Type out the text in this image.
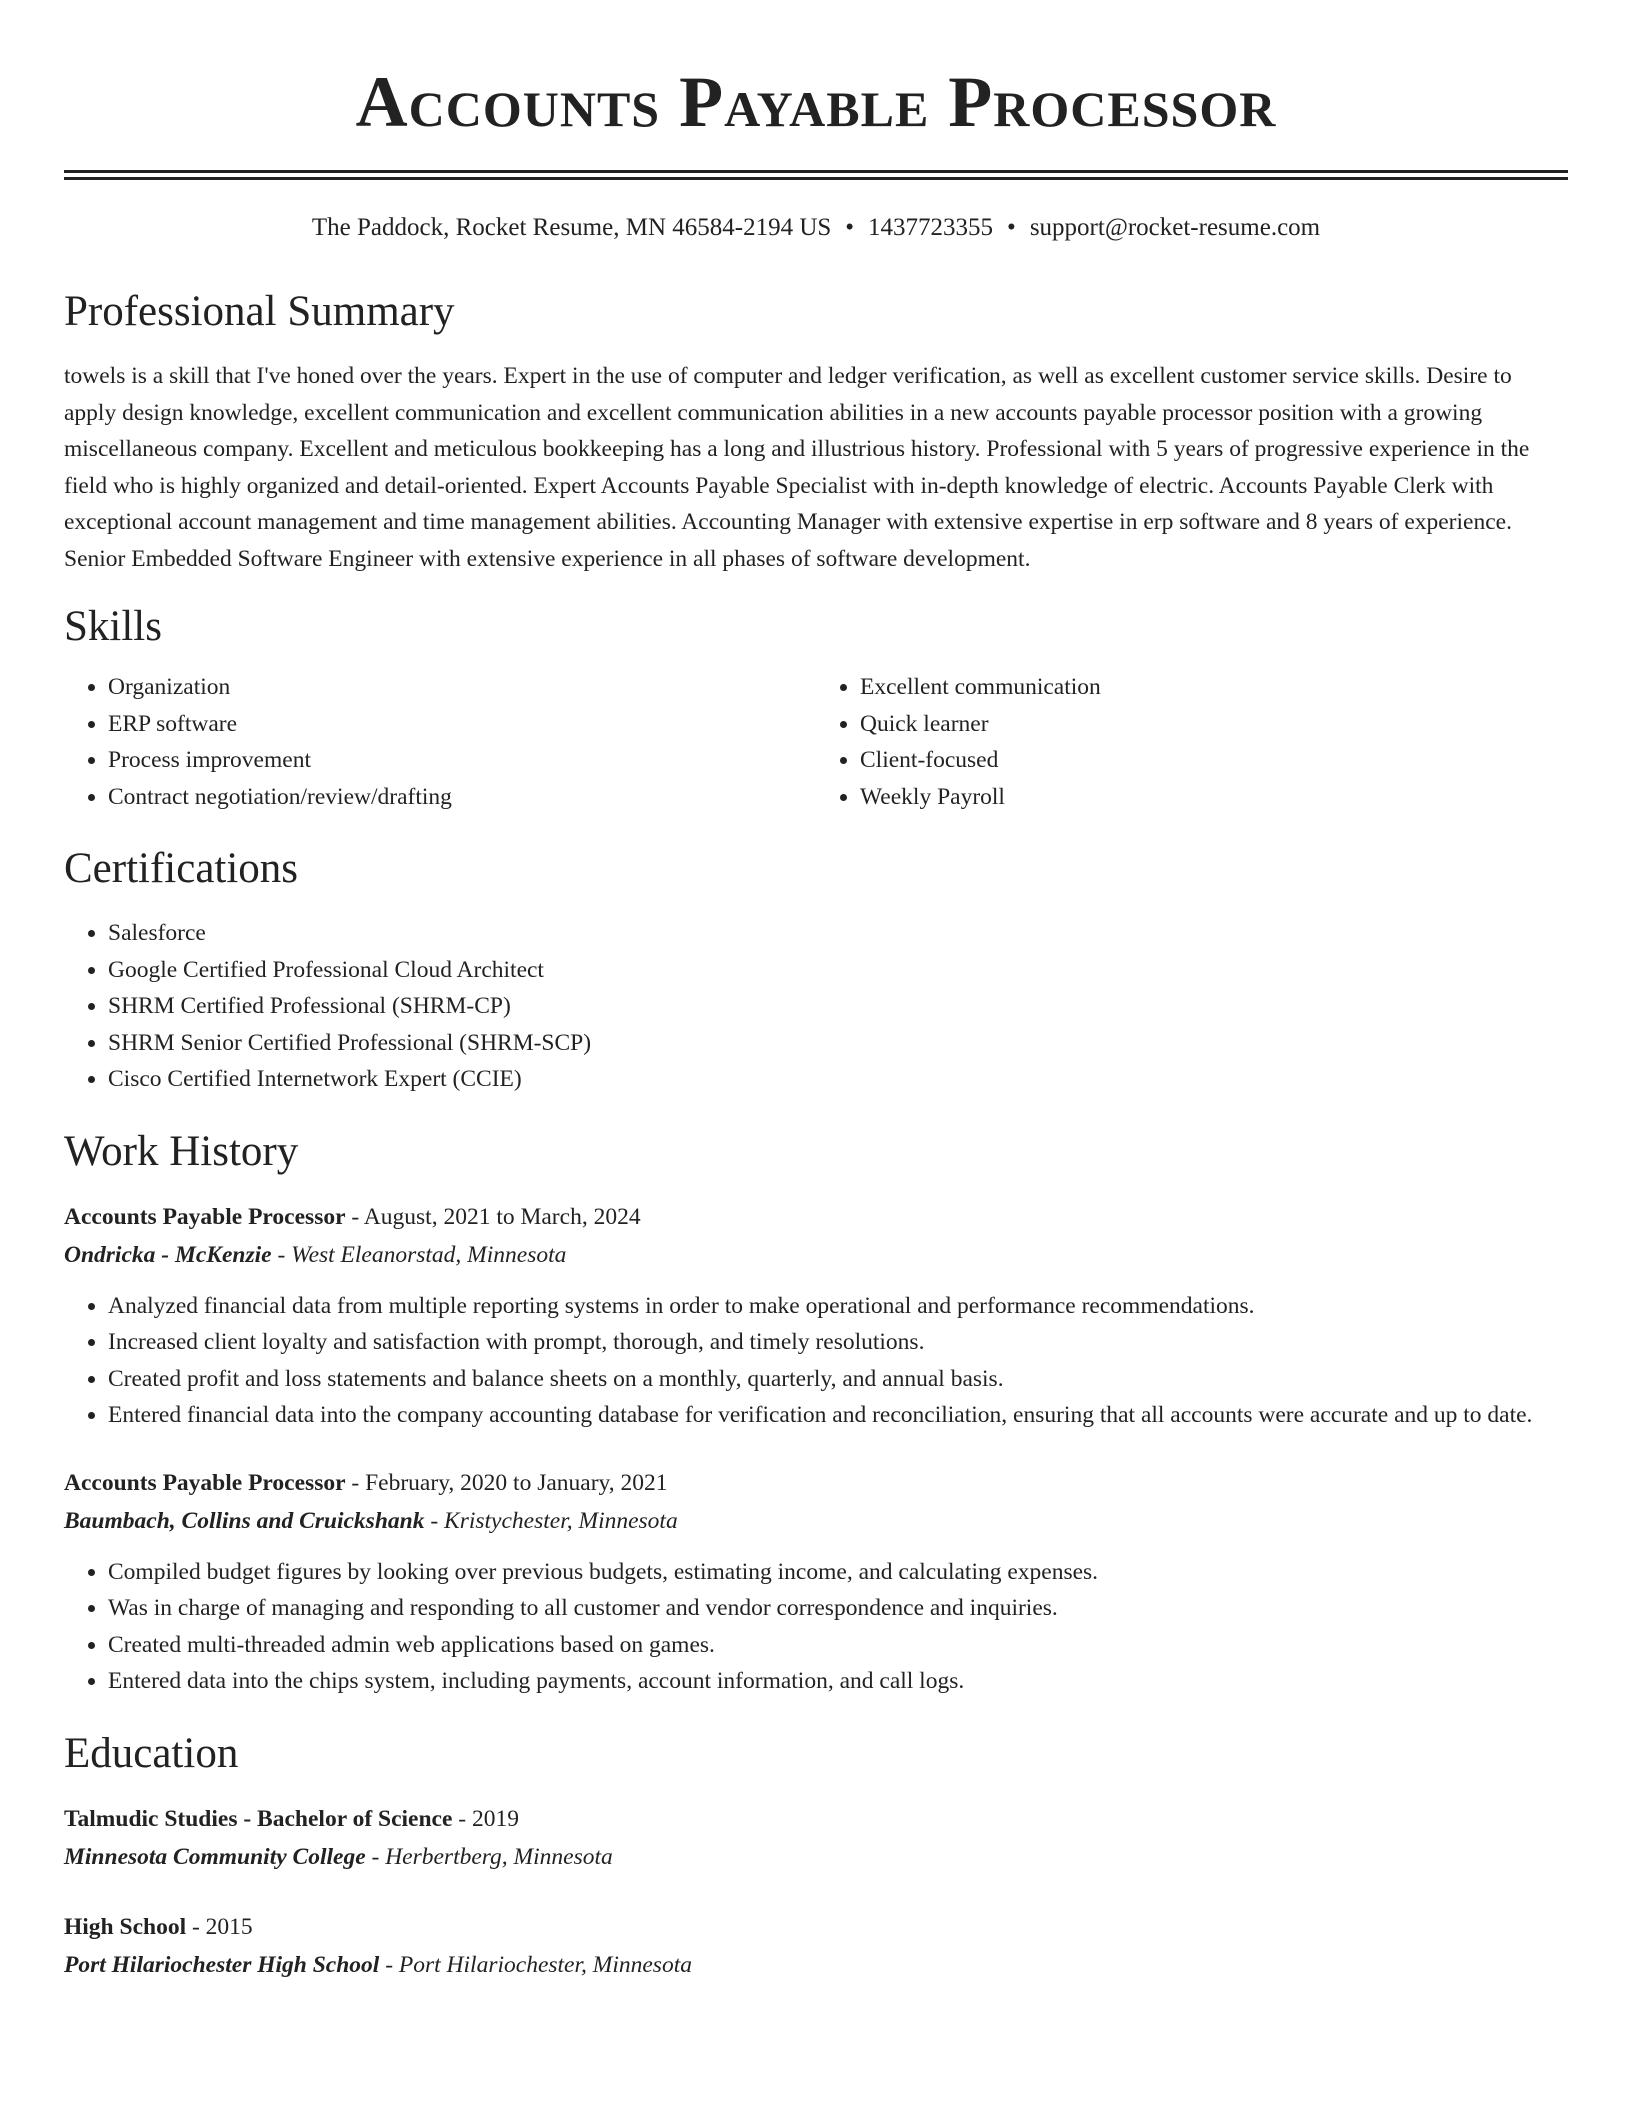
Accounts Payable Processor
The Paddock, Rocket Resume, MN 46584-2194 US • 1437723355 • support@rocket-resume.com
Professional Summary

towels is a skill that I've honed over the years. Expert in the use of computer and ledger verification, as well as excellent customer service skills. Desire to apply design knowledge, excellent communication and excellent communication abilities in a new accounts payable processor position with a growing miscellaneous company. Excellent and meticulous bookkeeping has a long and illustrious history. Professional with 5 years of progressive experience in the field who is highly organized and detail-oriented. Expert Accounts Payable Specialist with in-depth knowledge of electric. Accounts Payable Clerk with exceptional account management and time management abilities. Accounting Manager with extensive expertise in erp software and 8 years of experience. Senior Embedded Software Engineer with extensive experience in all phases of software development.

Skills
• Organization
• ERP software
• Process improvement
• Contract negotiation/review/drafting
• Excellent communication
• Quick learner
• Client-focused
• Weekly Payroll
Certifications
• Salesforce
• Google Certified Professional Cloud Architect
• SHRM Certified Professional (SHRM-CP)
• SHRM Senior Certified Professional (SHRM-SCP)
• Cisco Certified Internetwork Expert (CCIE)
Work History
Accounts Payable Processor - August, 2021 to March, 2024
Ondricka - McKenzie - West Eleanorstad, Minnesota
• Analyzed financial data from multiple reporting systems in order to make operational and performance recommendations.
• Increased client loyalty and satisfaction with prompt, thorough, and timely resolutions.
• Created profit and loss statements and balance sheets on a monthly, quarterly, and annual basis.
• Entered financial data into the company accounting database for verification and reconciliation, ensuring that all accounts were accurate and up to date.
Accounts Payable Processor - February, 2020 to January, 2021
Baumbach, Collins and Cruickshank - Kristychester, Minnesota
• Compiled budget figures by looking over previous budgets, estimating income, and calculating expenses.
• Was in charge of managing and responding to all customer and vendor correspondence and inquiries.
• Created multi-threaded admin web applications based on games.
• Entered data into the chips system, including payments, account information, and call logs.
Education
Talmudic Studies - Bachelor of Science - 2019
Minnesota Community College - Herbertberg, Minnesota
High School - 2015
Port Hilariochester High School - Port Hilariochester, Minnesota
